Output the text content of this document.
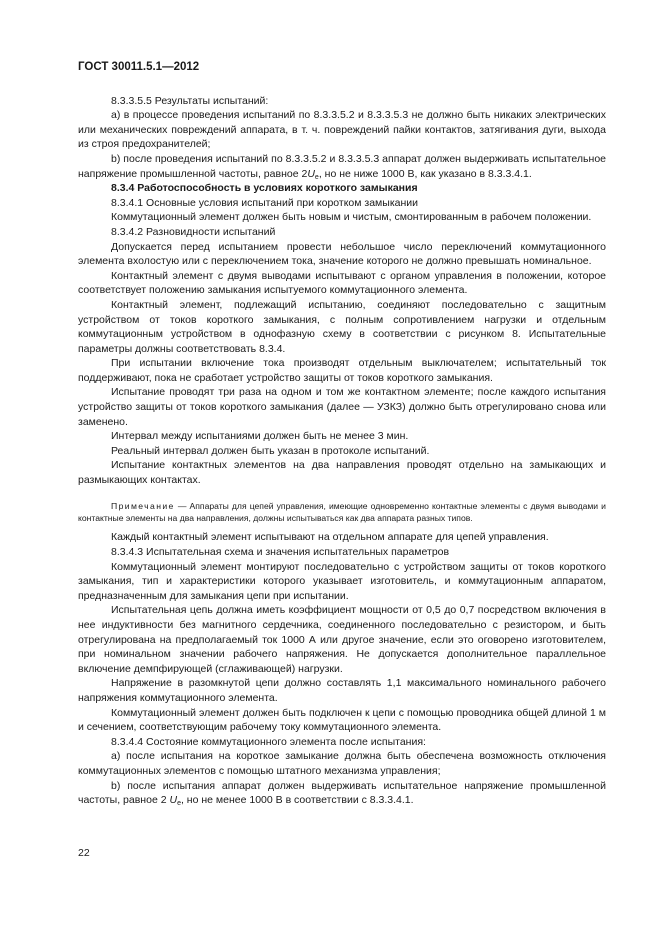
ГОСТ 30011.5.1—2012

8.3.3.5.5 Результаты испытаний:

а) в процессе проведения испытаний по 8.3.3.5.2 и 8.3.3.5.3 не должно быть никаких электрических или механических повреждений аппарата, в т. ч. повреждений пайки контактов, затягивания дуги, выхода из строя предохранителей;

b) после проведения испытаний по 8.3.3.5.2 и 8.3.3.5.3 аппарат должен выдерживать испытательное напряжение промышленной частоты, равное $2U_e$, но не ниже 1000 В, как указано в 8.3.3.4.1.

8.3.4 Работоспособность в условиях короткого замыкания

8.3.4.1 Основные условия испытаний при коротком замыкании

Коммутационный элемент должен быть новым и чистым, смонтированным в рабочем положении.

8.3.4.2 Разновидности испытаний

Допускается перед испытанием провести небольшое число переключений коммутационного элемента вхолостую или с переключением тока, значение которого не должно превышать номинальное.

Контактный элемент с двумя выводами испытывают с органом управления в положении, которое соответствует положению замыкания испытуемого коммутационного элемента.

Контактный элемент, подлежащий испытанию, соединяют последовательно с защитным устройством от токов короткого замыкания, с полным сопротивлением нагрузки и отдельным коммутационным устройством в однофазную схему в соответствии с рисунком 8. Испытательные параметры должны соответствовать 8.3.4.

При испытании включение тока производят отдельным выключателем; испытательный ток поддерживают, пока не сработает устройство защиты от токов короткого замыкания.

Испытание проводят три раза на одном и том же контактном элементе; после каждого испытания устройство защиты от токов короткого замыкания (далее — УЗКЗ) должно быть отрегулировано снова или заменено.

Интервал между испытаниями должен быть не менее 3 мин.

Реальный интервал должен быть указан в протоколе испытаний.

Испытание контактных элементов на два направления проводят отдельно на замыкающих и размыкающих контактах.

Примечание — Аппараты для цепей управления, имеющие одновременно контактные элементы с двумя выводами и контактные элементы на два направления, должны испытываться как два аппарата разных типов.

Каждый контактный элемент испытывают на отдельном аппарате для цепей управления.

8.3.4.3 Испытательная схема и значения испытательных параметров

Коммутационный элемент монтируют последовательно с устройством защиты от токов короткого замыкания, тип и характеристики которого указывает изготовитель, и коммутационным аппаратом, предназначенным для замыкания цепи при испытании.

Испытательная цепь должна иметь коэффициент мощности от 0,5 до 0,7 посредством включения в нее индуктивности без магнитного сердечника, соединенного последовательно с резистором, и быть отрегулирована на предполагаемый ток 1000 А или другое значение, если это оговорено изготовителем, при номинальном значении рабочего напряжения. Не допускается дополнительное параллельное включение демпфирующей (сглаживающей) нагрузки.

Напряжение в разомкнутой цепи должно составлять 1,1 максимального номинального рабочего напряжения коммутационного элемента.

Коммутационный элемент должен быть подключен к цепи с помощью проводника общей длиной 1 м и сечением, соответствующим рабочему току коммутационного элемента.

8.3.4.4 Состояние коммутационного элемента после испытания:

а) после испытания на короткое замыкание должна быть обеспечена возможность отключения коммутационных элементов с помощью штатного механизма управления;

b) после испытания аппарат должен выдерживать испытательное напряжение промышленной частоты, равное 2 $U_e$, но не менее 1000 В в соответствии с 8.3.3.4.1.

22
